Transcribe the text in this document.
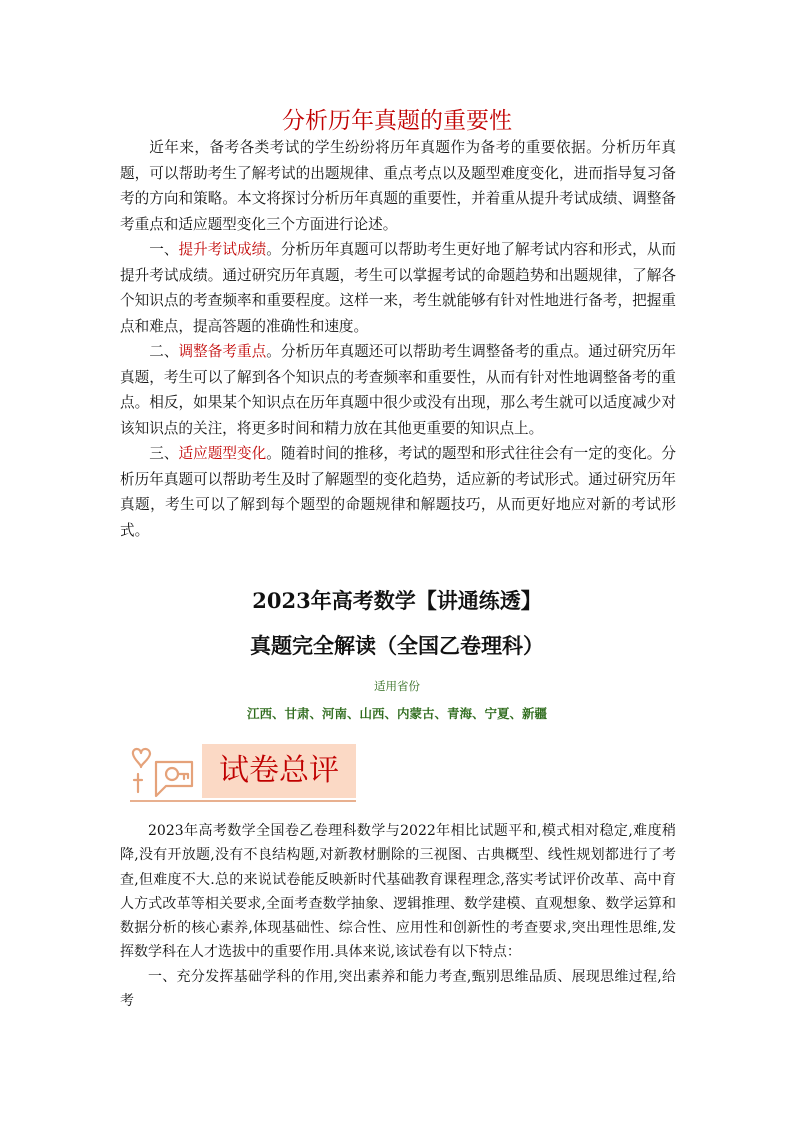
分析历年真题的重要性

近年来，备考各类考试的学生纷纷将历年真题作为备考的重要依据。分析历年真题，可以帮助考生了解考试的出题规律、重点考点以及题型难度变化，进而指导复习备考的方向和策略。本文将探讨分析历年真题的重要性，并着重从提升考试成绩、调整备考重点和适应题型变化三个方面进行论述。

一、提升考试成绩。分析历年真题可以帮助考生更好地了解考试内容和形式，从而提升考试成绩。通过研究历年真题，考生可以掌握考试的命题趋势和出题规律，了解各个知识点的考查频率和重要程度。这样一来，考生就能够有针对性地进行备考，把握重点和难点，提高答题的准确性和速度。

二、调整备考重点。分析历年真题还可以帮助考生调整备考的重点。通过研究历年真题，考生可以了解到各个知识点的考查频率和重要性，从而有针对性地调整备考的重点。相反，如果某个知识点在历年真题中很少或没有出现，那么考生就可以适度减少对该知识点的关注，将更多时间和精力放在其他更重要的知识点上。

三、适应题型变化。随着时间的推移，考试的题型和形式往往会有一定的变化。分析历年真题可以帮助考生及时了解题型的变化趋势，适应新的考试形式。通过研究历年真题，考生可以了解到每个题型的命题规律和解题技巧，从而更好地应对新的考试形式。

2023年高考数学【讲通练透】
真题完全解读（全国乙卷理科）
适用省份
江西、甘肃、河南、山西、内蒙古、青海、宁夏、新疆
试卷总评

2023年高考数学全国卷乙卷理科数学与2022年相比试题平和,模式相对稳定,难度稍降,没有开放题,没有不良结构题,对新教材删除的三视图、古典概型、线性规划都进行了考查,但难度不大.总的来说试卷能反映新时代基础教育课程理念,落实考试评价改革、高中育人方式改革等相关要求,全面考查数学抽象、逻辑推理、数学建模、直观想象、数学运算和数据分析的核心素养,体现基础性、综合性、应用性和创新性的考查要求,突出理性思维,发挥数学科在人才选拔中的重要作用.具体来说,该试卷有以下特点：

一、充分发挥基础学科的作用,突出素养和能力考查,甄别思维品质、展现思维过程,给考
